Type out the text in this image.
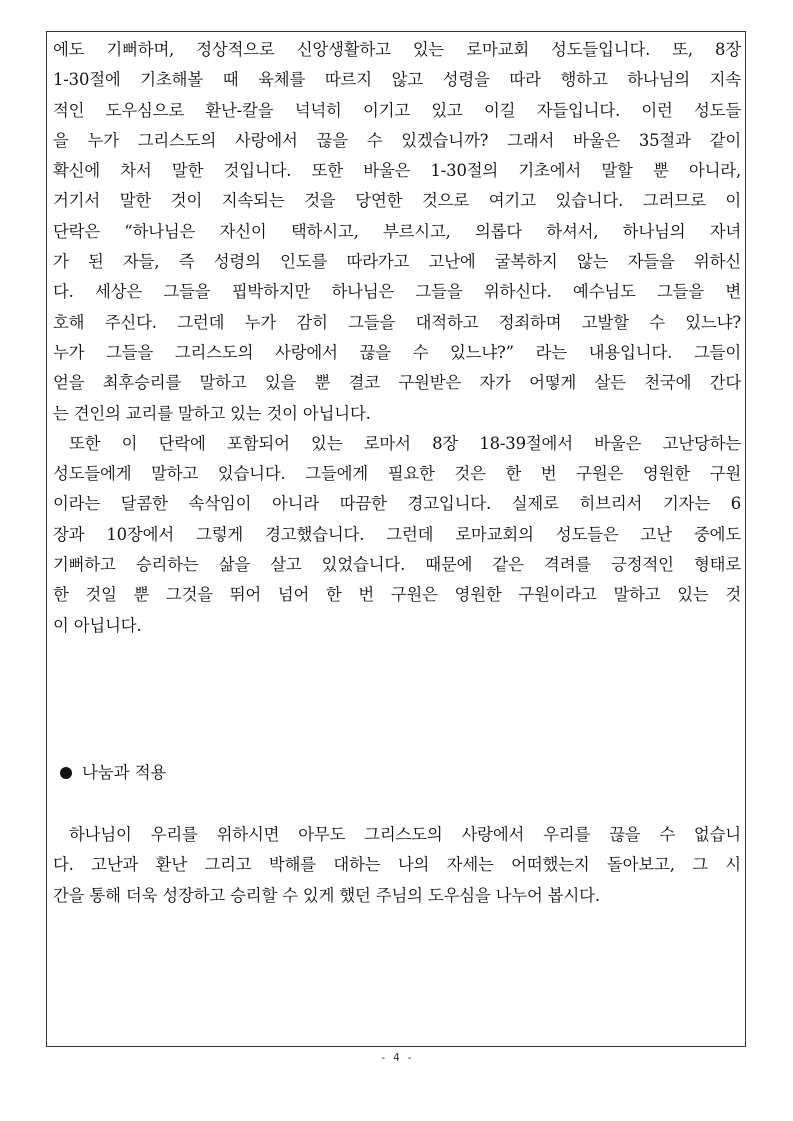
에도 기뻐하며, 정상적으로 신앙생활하고 있는 로마교회 성도들입니다. 또, 8장
1-30절에 기초해볼 때 육체를 따르지 않고 성령을 따라 행하고 하나님의 지속
적인 도우심으로 환난-칼을 넉넉히 이기고 있고 이길 자들입니다. 이런 성도들
을 누가 그리스도의 사랑에서 끊을 수 있겠습니까? 그래서 바울은 35절과 같이
확신에 차서 말한 것입니다. 또한 바울은 1-30절의 기초에서 말할 뿐 아니라,
거기서 말한 것이 지속되는 것을 당연한 것으로 여기고 있습니다. 그러므로 이
단락은 “하나님은 자신이 택하시고, 부르시고, 의롭다 하셔서, 하나님의 자녀
가 된 자들, 즉 성령의 인도를 따라가고 고난에 굴복하지 않는 자들을 위하신
다. 세상은 그들을 핍박하지만 하나님은 그들을 위하신다. 예수님도 그들을 변
호해 주신다. 그런데 누가 감히 그들을 대적하고 정죄하며 고발할 수 있느냐?
누가 그들을 그리스도의 사랑에서 끊을 수 있느냐?” 라는 내용입니다. 그들이
얻을 최후승리를 말하고 있을 뿐 결코 구원받은 자가 어떻게 살든 천국에 간다
는 견인의 교리를 말하고 있는 것이 아닙니다.

또한 이 단락에 포함되어 있는 로마서 8장 18-39절에서 바울은 고난당하는
성도들에게 말하고 있습니다. 그들에게 필요한 것은 한 번 구원은 영원한 구원
이라는 달콤한 속삭임이 아니라 따끔한 경고입니다. 실제로 히브리서 기자는 6
장과 10장에서 그렇게 경고했습니다. 그런데 로마교회의 성도들은 고난 중에도
기뻐하고 승리하는 삶을 살고 있었습니다. 때문에 같은 격려를 긍정적인 형태로
한 것일 뿐 그것을 뛰어 넘어 한 번 구원은 영원한 구원이라고 말하고 있는 것
이 아닙니다.

나눔과 적용

하나님이 우리를 위하시면 아무도 그리스도의 사랑에서 우리를 끊을 수 없습니
다. 고난과 환난 그리고 박해를 대하는 나의 자세는 어떠했는지 돌아보고, 그 시
간을 통해 더욱 성장하고 승리할 수 있게 했던 주님의 도우심을 나누어 봅시다.

- 4 -
